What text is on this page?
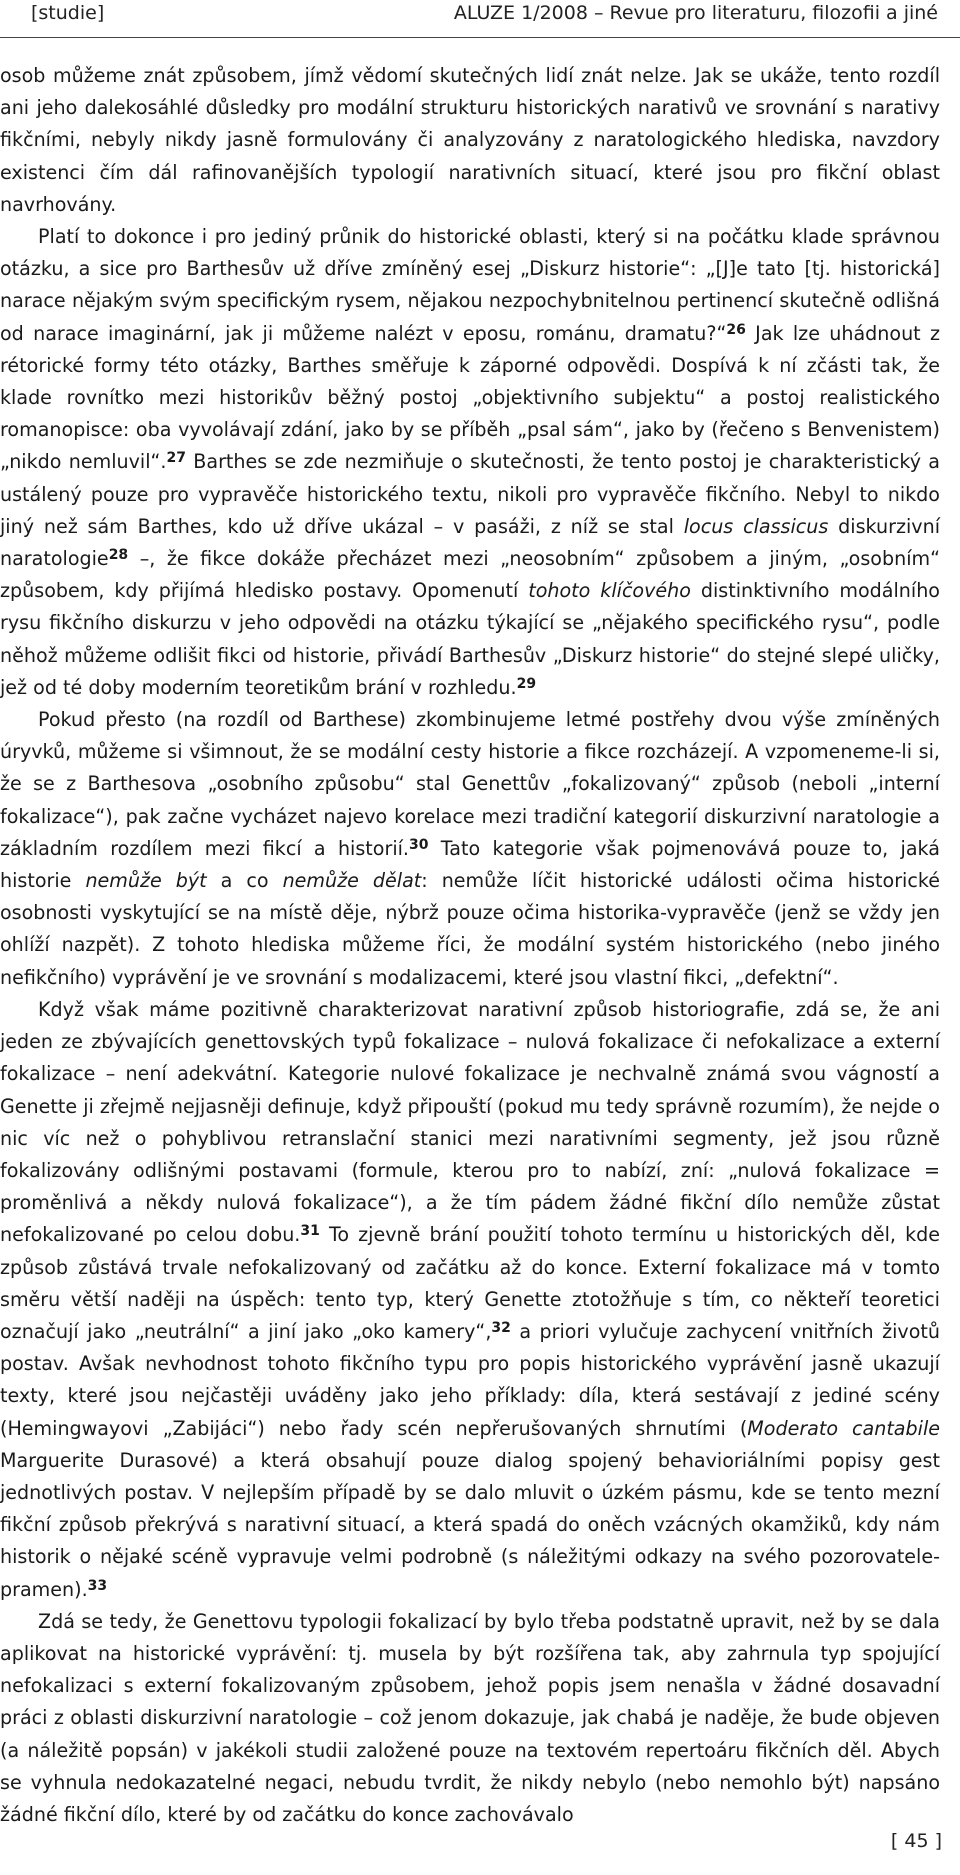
[studie]	ALUZE 1/2008 – Revue pro literaturu, filozofii a jiné

osob můžeme znát způsobem, jímž vědomí skutečných lidí znát nelze. Jak se ukáže, tento rozdíl ani jeho dalekosáhlé důsledky pro modální strukturu historických narativů ve srovnání s narativy fikčními, nebyly nikdy jasně formulovány či analyzovány z naratologického hlediska, navzdory existenci čím dál rafinovanějších typologií narativních situací, které jsou pro fikční oblast navrhovány.

Platí to dokonce i pro jediný průnik do historické oblasti, který si na počátku klade správnou otázku, a sice pro Barthesův už dříve zmíněný esej „Diskurz historie“: „[J]e tato [tj. historická] narace nějakým svým specifickým rysem, nějakou nezpochybnitelnou pertinencí skutečně odlišná od narace imaginární, jak ji můžeme nalézt v eposu, románu, dramatu?“$^{26}$ Jak lze uhádnout z rétorické formy této otázky, Barthes směřuje k záporné odpovědi. Dospívá k ní zčásti tak, že klade rovnítko mezi historikův běžný postoj „objektivního subjektu“ a postoj realistického romanopisce: oba vyvolávají zdání, jako by se příběh „psal sám“, jako by (řečeno s Benvenistem) „nikdo nemluvil“.$^{27}$ Barthes se zde nezmiňuje o skutečnosti, že tento postoj je charakteristický a ustálený pouze pro vypravěče historického textu, nikoli pro vypravěče fikčního. Nebyl to nikdo jiný než sám Barthes, kdo už dříve ukázal – v pasáži, z níž se stal locus classicus diskurzivní naratologie$^{28}$ –, že fikce dokáže přecházet mezi „neosobním“ způsobem a jiným, „osobním“ způsobem, kdy přijímá hledisko postavy. Opomenutí tohoto klíčového distinktivního modálního rysu fikčního diskurzu v jeho odpovědi na otázku týkající se „nějakého specifického rysu“, podle něhož můžeme odlišit fikci od historie, přivádí Barthesův „Diskurz historie“ do stejné slepé uličky, jež od té doby moderním teoretikům brání v rozhledu.$^{29}$

Pokud přesto (na rozdíl od Barthese) zkombinujeme letmé postřehy dvou výše zmíněných úryvků, můžeme si všimnout, že se modální cesty historie a fikce rozcházejí. A vzpomeneme-li si, že se z Barthesova „osobního způsobu“ stal Genettův „fokalizovaný“ způsob (neboli „interní fokalizace“), pak začne vycházet najevo korelace mezi tradiční kategorií diskurzivní naratologie a základním rozdílem mezi fikcí a historií.$^{30}$ Tato kategorie však pojmenovává pouze to, jaká historie nemůže být a co nemůže dělat: nemůže líčit historické události očima historické osobnosti vyskytující se na místě děje, nýbrž pouze očima historika-vypravěče (jenž se vždy jen ohlíží nazpět). Z tohoto hlediska můžeme říci, že modální systém historického (nebo jiného nefikčního) vyprávění je ve srovnání s modalizacemi, které jsou vlastní fikci, „defektní“.

Když však máme pozitivně charakterizovat narativní způsob historiografie, zdá se, že ani jeden ze zbývajících genettovských typů fokalizace – nulová fokalizace či nefokalizace a externí fokalizace – není adekvátní. Kategorie nulové fokalizace je nechvalně známá svou vágností a Genette ji zřejmě nejjasněji definuje, když připouští (pokud mu tedy správně rozumím), že nejde o nic víc než o pohyblivou retranslační stanici mezi narativními segmenty, jež jsou různě fokalizovány odlišnými postavami (formule, kterou pro to nabízí, zní: „nulová fokalizace = proměnlivá a někdy nulová fokalizace“), a že tím pádem žádné fikční dílo nemůže zůstat nefokalizované po celou dobu.$^{31}$ To zjevně brání použití tohoto termínu u historických děl, kde způsob zůstává trvale nefokalizovaný od začátku až do konce. Externí fokalizace má v tomto směru větší naději na úspěch: tento typ, který Genette ztotožňuje s tím, co někteří teoretici označují jako „neutrální“ a jiní jako „oko kamery“,$^{32}$ a priori vylučuje zachycení vnitřních životů postav. Avšak nevhodnost tohoto fikčního typu pro popis historického vyprávění jasně ukazují texty, které jsou nejčastěji uváděny jako jeho příklady: díla, která sestávají z jediné scény (Hemingwayovi „Zabijáci“) nebo řady scén nepřerušovaných shrnutími (Moderato cantabile Marguerite Durasové) a která obsahují pouze dialog spojený behavioriálními popisy gest jednotlivých postav. V nejlepším případě by se dalo mluvit o úzkém pásmu, kde se tento mezní fikční způsob překrývá s narativní situací, a která spadá do oněch vzácných okamžiků, kdy nám historik o nějaké scéně vypravuje velmi podrobně (s náležitými odkazy na svého pozorovatele-pramen).$^{33}$

Zdá se tedy, že Genettovu typologii fokalizací by bylo třeba podstatně upravit, než by se dala aplikovat na historické vyprávění: tj. musela by být rozšířena tak, aby zahrnula typ spojující nefokalizaci s externí fokalizovaným způsobem, jehož popis jsem nenašla v žádné dosavadní práci z oblasti diskurzivní naratologie – což jenom dokazuje, jak chabá je naděje, že bude objeven (a náležitě popsán) v jakékoli studii založené pouze na textovém repertoáru fikčních děl. Abych se vyhnula nedokazatelné negaci, nebudu tvrdit, že nikdy nebylo (nebo nemohlo být) napsáno žádné fikční dílo, které by od začátku do konce zachovávalo

[ 45 ]
